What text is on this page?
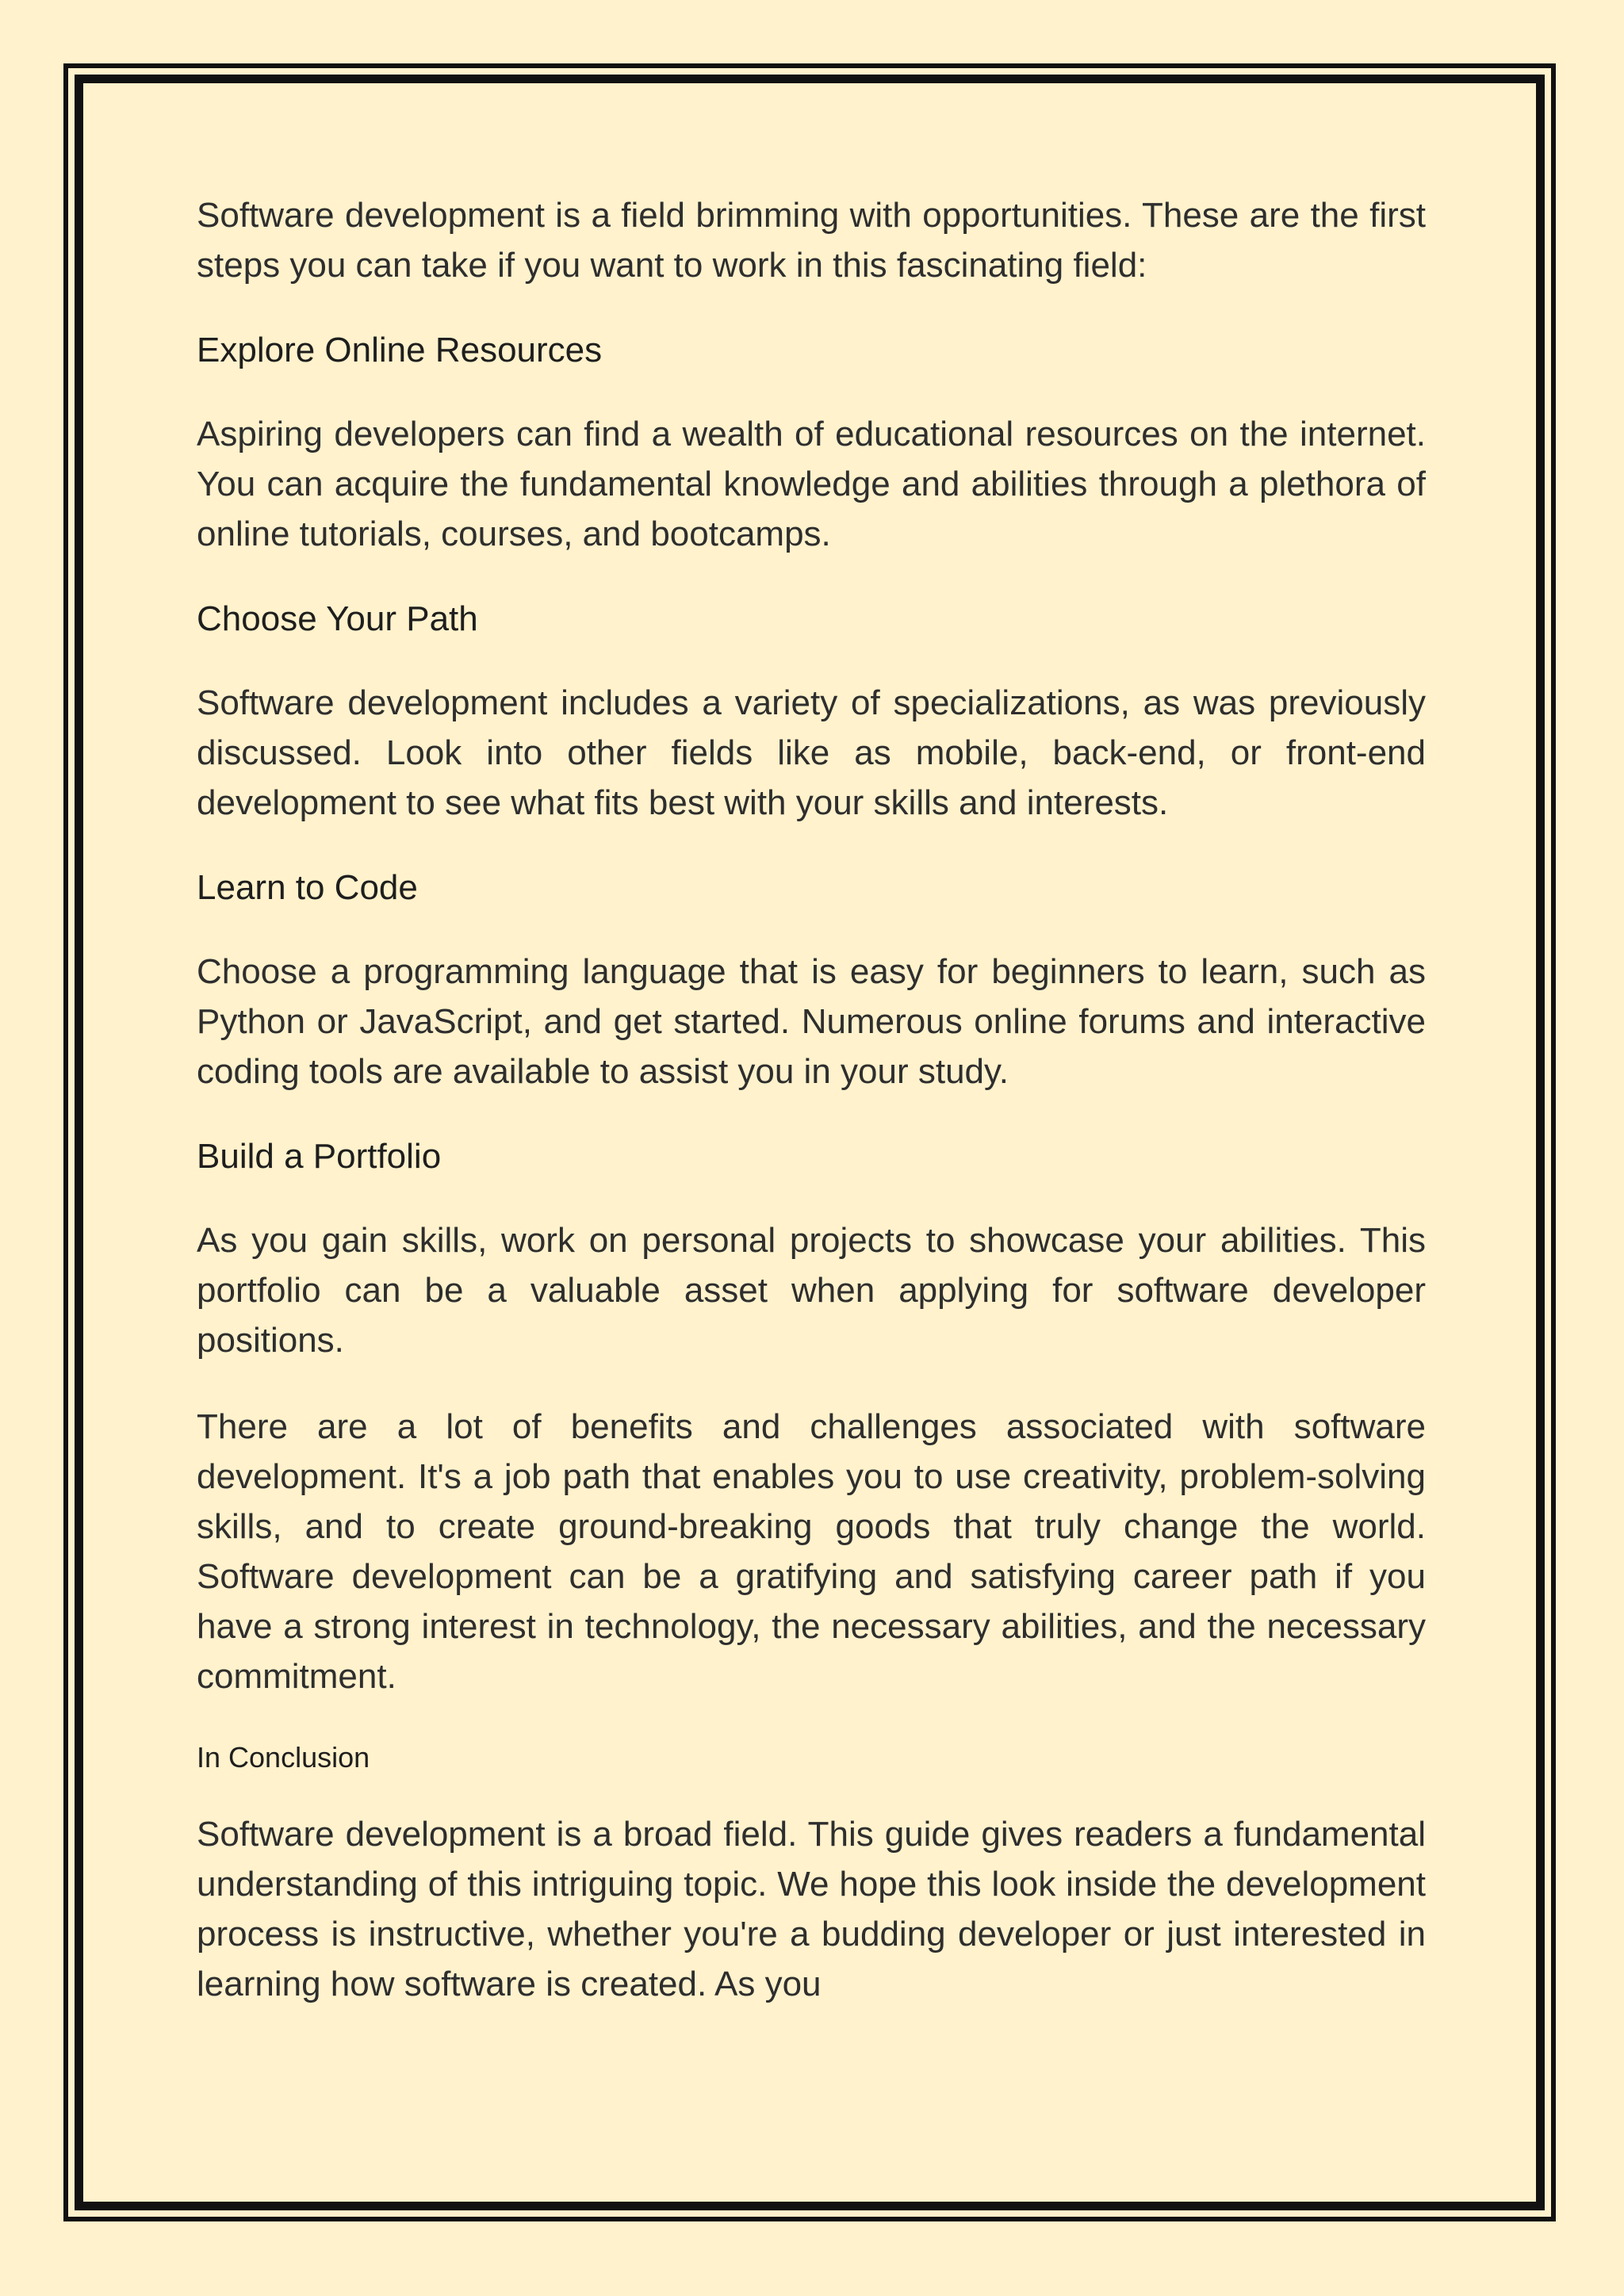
Software development is a field brimming with opportunities. These are the first steps you can take if you want to work in this fascinating field:

Explore Online Resources

Aspiring developers can find a wealth of educational resources on the internet. You can acquire the fundamental knowledge and abilities through a plethora of online tutorials, courses, and bootcamps.

Choose Your Path

Software development includes a variety of specializations, as was previously discussed. Look into other fields like as mobile, back-end, or front-end development to see what fits best with your skills and interests.

Learn to Code

Choose a programming language that is easy for beginners to learn, such as Python or JavaScript, and get started. Numerous online forums and interactive coding tools are available to assist you in your study.

Build a Portfolio

As you gain skills, work on personal projects to showcase your abilities. This portfolio can be a valuable asset when applying for software developer positions.

There are a lot of benefits and challenges associated with software development. It's a job path that enables you to use creativity, problem-solving skills, and to create ground-breaking goods that truly change the world. Software development can be a gratifying and satisfying career path if you have a strong interest in technology, the necessary abilities, and the necessary commitment.

In Conclusion

Software development is a broad field. This guide gives readers a fundamental understanding of this intriguing topic. We hope this look inside the development process is instructive, whether you're a budding developer or just interested in learning how software is created. As you
